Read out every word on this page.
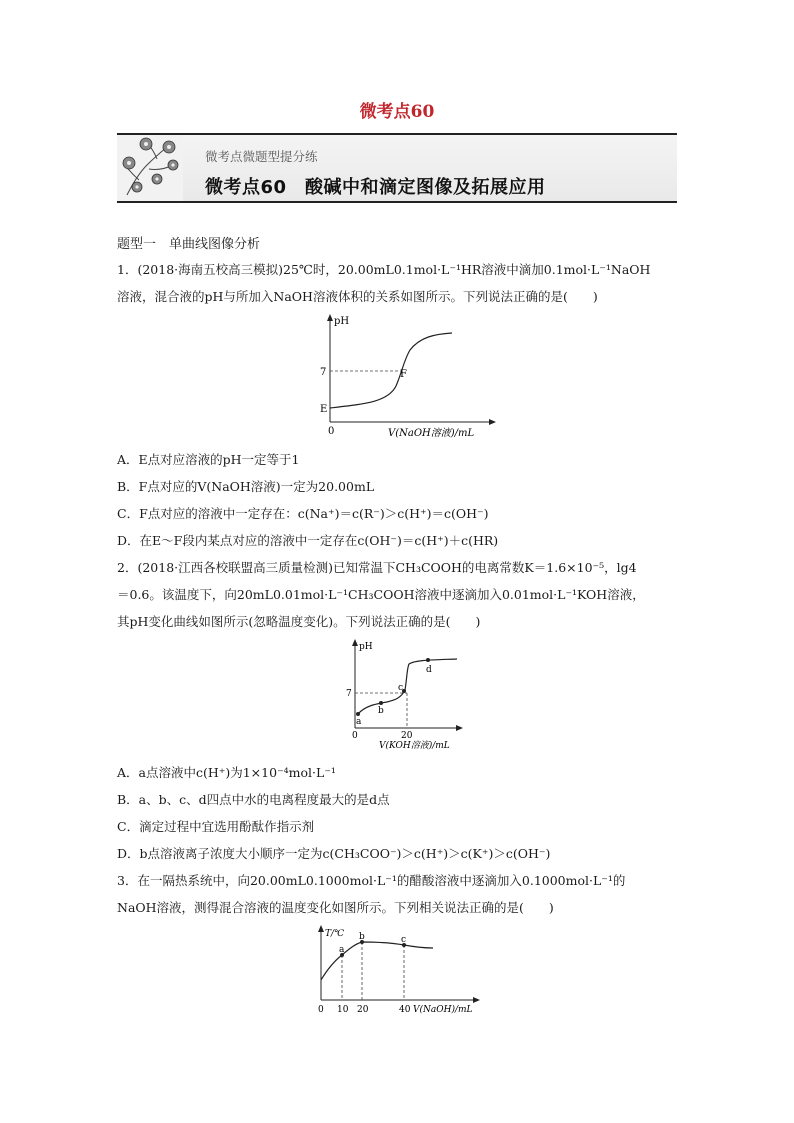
微考点60
微考点微题型提分练
微考点60　酸碱中和滴定图像及拓展应用
题型一　单曲线图像分析
1．(2018·海南五校高三模拟)25℃时，20.00mL0.1mol·L⁻¹HR溶液中滴加0.1mol·L⁻¹NaOH
溶液，混合液的pH与所加入NaOH溶液体积的关系如图所示。下列说法正确的是(　　)
pH
7
E
F
0	V(NaOH溶液)/mL
A．E点对应溶液的pH一定等于1
B．F点对应的V(NaOH溶液)一定为20.00mL
C．F点对应的溶液中一定存在：c(Na⁺)＝c(R⁻)＞c(H⁺)＝c(OH⁻)
D．在E～F段内某点对应的溶液中一定存在c(OH⁻)＝c(H⁺)＋c(HR)
2．(2018·江西各校联盟高三质量检测)已知常温下CH₃COOH的电离常数K＝1.6×10⁻⁵，lg4
＝0.6。该温度下，向20mL0.01mol·L⁻¹CH₃COOH溶液中逐滴加入0.01mol·L⁻¹KOH溶液，
其pH变化曲线如图所示(忽略温度变化)。下列说法正确的是(　　)
pH
7
a
b
c
d
0	20
V(KOH溶液)/mL
A．a点溶液中c(H⁺)为1×10⁻⁴mol·L⁻¹
B．a、b、c、d四点中水的电离程度最大的是d点
C．滴定过程中宜选用酚酞作指示剂
D．b点溶液离子浓度大小顺序一定为c(CH₃COO⁻)＞c(H⁺)＞c(K⁺)＞c(OH⁻)
3．在一隔热系统中，向20.00mL0.1000mol·L⁻¹的醋酸溶液中逐滴加入0.1000mol·L⁻¹的
NaOH溶液，测得混合溶液的温度变化如图所示。下列相关说法正确的是(　　)
T/℃
a
b	c
0 10 20	40 V(NaOH)/mL
